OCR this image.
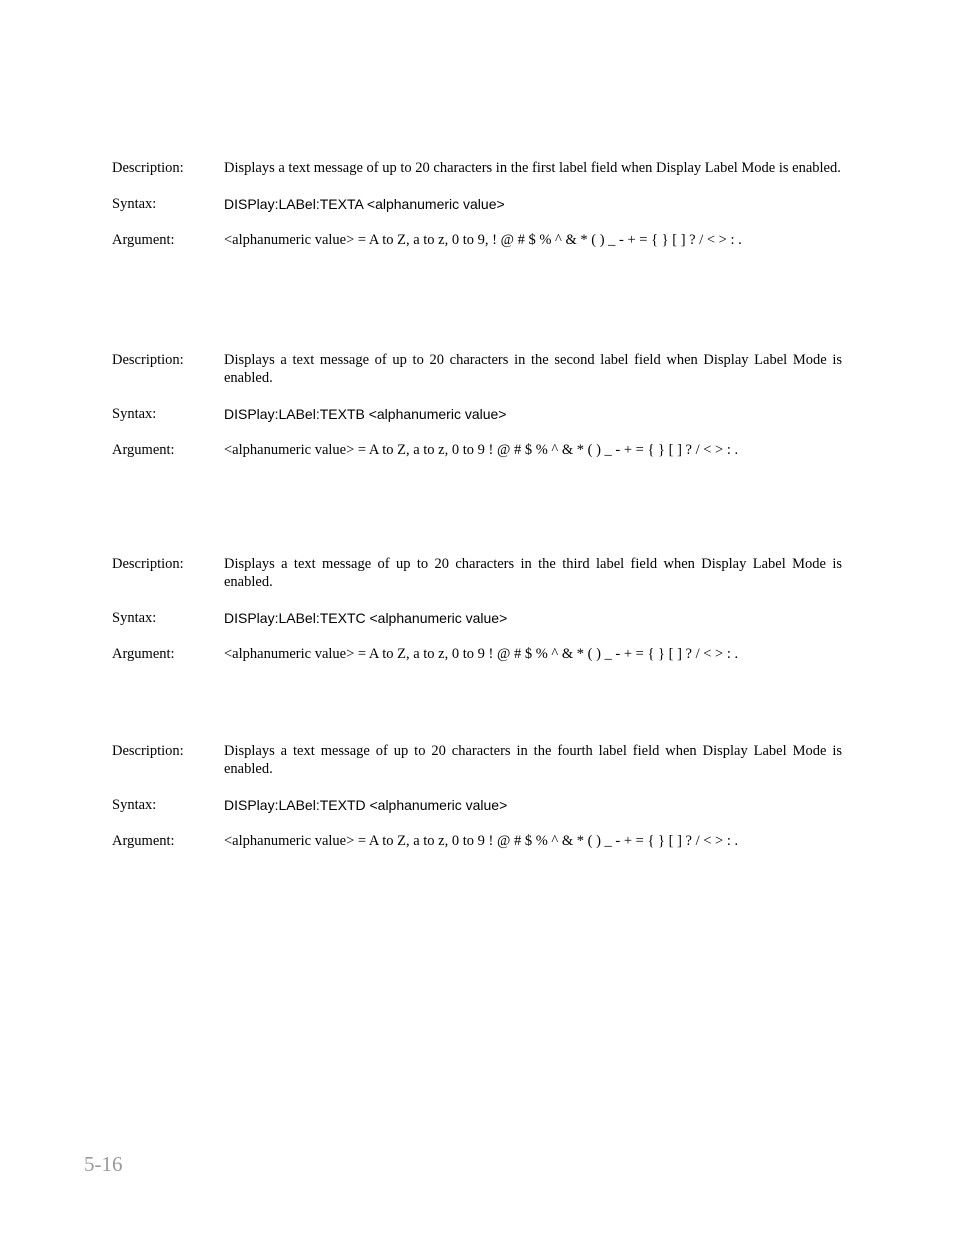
Description:	Displays a text message of up to 20 characters in the first label field when Display Label Mode is enabled.
Syntax:	DISPlay:LABel:TEXTA <alphanumeric value>
Argument:	<alphanumeric value> = A to Z, a to z, 0 to 9, ! @ # $ % ^ & * ( ) _ - + = { } [ ] ? / < > : .
Description:	Displays a text message of up to 20 characters in the second label field when Display Label Mode is enabled.
Syntax:	DISPlay:LABel:TEXTB <alphanumeric value>
Argument:	<alphanumeric value> = A to Z, a to z, 0 to 9 ! @ # $ % ^ & * ( ) _ - + = { } [ ] ? / < > : .
Description:	Displays a text message of up to 20 characters in the third label field when Display Label Mode is enabled.
Syntax:	DISPlay:LABel:TEXTC <alphanumeric value>
Argument:	<alphanumeric value> = A to Z, a to z, 0 to 9 ! @ # $ % ^ & * ( ) _ - + = { } [ ] ? / < > : .
Description:	Displays a text message of up to 20 characters in the fourth label field when Display Label Mode is enabled.
Syntax:	DISPlay:LABel:TEXTD <alphanumeric value>
Argument:	<alphanumeric value> = A to Z, a to z, 0 to 9 ! @ # $ % ^ & * ( ) _ - + = { } [ ] ? / < > : .
5-16
